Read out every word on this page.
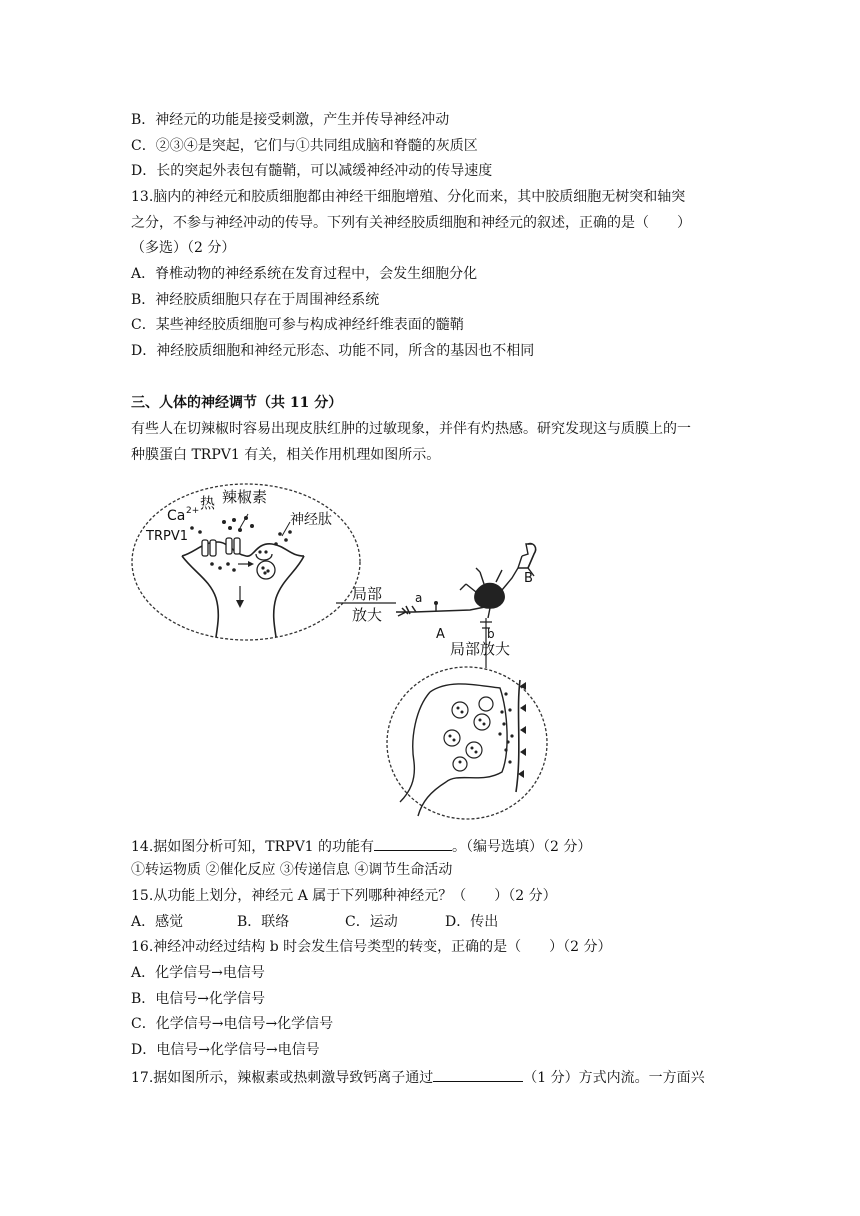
B．神经元的功能是接受刺激，产生并传导神经冲动
C．②③④是突起，它们与①共同组成脑和脊髓的灰质区
D．长的突起外表包有髓鞘，可以减缓神经冲动的传导速度
13.脑内的神经元和胶质细胞都由神经干细胞增殖、分化而来，其中胶质细胞无树突和轴突
之分，不参与神经冲动的传导。下列有关神经胶质细胞和神经元的叙述，正确的是（　　）
（多选）（2 分）
A．脊椎动物的神经系统在发育过程中，会发生细胞分化
B．神经胶质细胞只存在于周围神经系统
C．某些神经胶质细胞可参与构成神经纤维表面的髓鞘
D．神经胶质细胞和神经元形态、功能不同，所含的基因也不相同
三、人体的神经调节（共 11 分）
有些人在切辣椒时容易出现皮肤红肿的过敏现象，并伴有灼热感。研究发现这与质膜上的一
种膜蛋白 TRPV1 有关，相关作用机理如图所示。
辣椒素
热
Ca 2+
TRPV1
神经肽
局部
放大
a
A
B
b
局部放大
14.据如图分析可知，TRPV1 的功能有	。（编号选填）（2 分）
①转运物质 ②催化反应 ③传递信息 ④调节生命活动
15.从功能上划分，神经元 A 属于下列哪种神经元？（　　）（2 分）
A．感觉	B．联络	C．运动	D．传出
16.神经冲动经过结构 b 时会发生信号类型的转变，正确的是（　　）（2 分）
A．化学信号→电信号
B．电信号→化学信号
C．化学信号→电信号→化学信号
D．电信号→化学信号→电信号
17.据如图所示，辣椒素或热刺激导致钙离子通过	（1 分）方式内流。一方面兴
